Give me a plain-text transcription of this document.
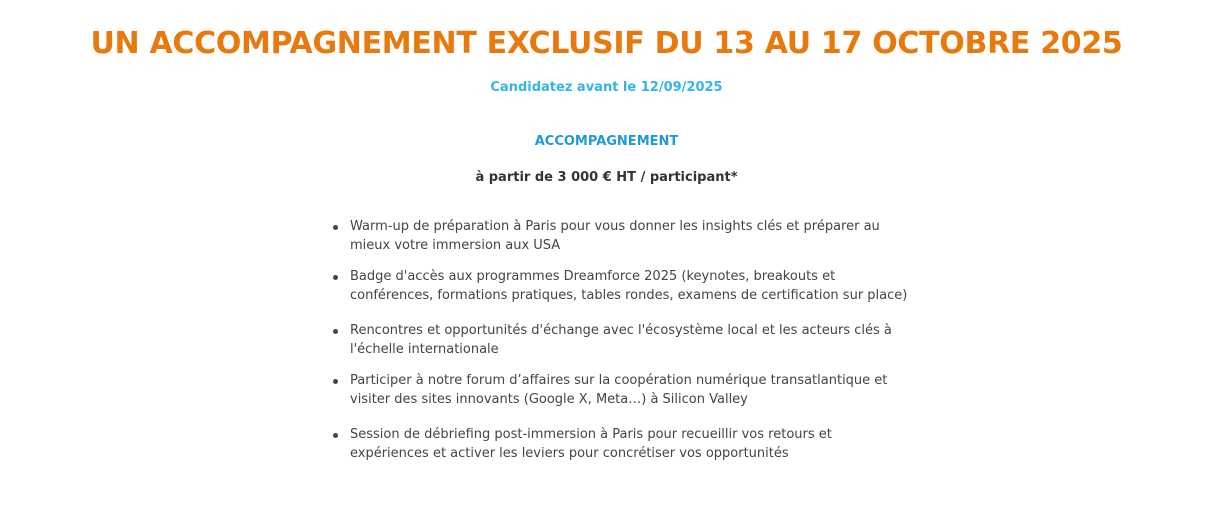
UN ACCOMPAGNEMENT EXCLUSIF DU 13 AU 17 OCTOBRE 2025

Candidatez avant le 12/09/2025

ACCOMPAGNEMENT

à partir de 3 000 € HT / participant*

Warm-up de préparation à Paris pour vous donner les insights clés et préparer au mieux votre immersion aux USA
Badge d'accès aux programmes Dreamforce 2025 (keynotes, breakouts et conférences, formations pratiques, tables rondes, examens de certification sur place)
Rencontres et opportunités d'échange avec l'écosystème local et les acteurs clés à l'échelle internationale
Participer à notre forum d’affaires sur la coopération numérique transatlantique et visiter des sites innovants (Google X, Meta…) à Silicon Valley
Session de débriefing post-immersion à Paris pour recueillir vos retours et expériences et activer les leviers pour concrétiser vos opportunités
